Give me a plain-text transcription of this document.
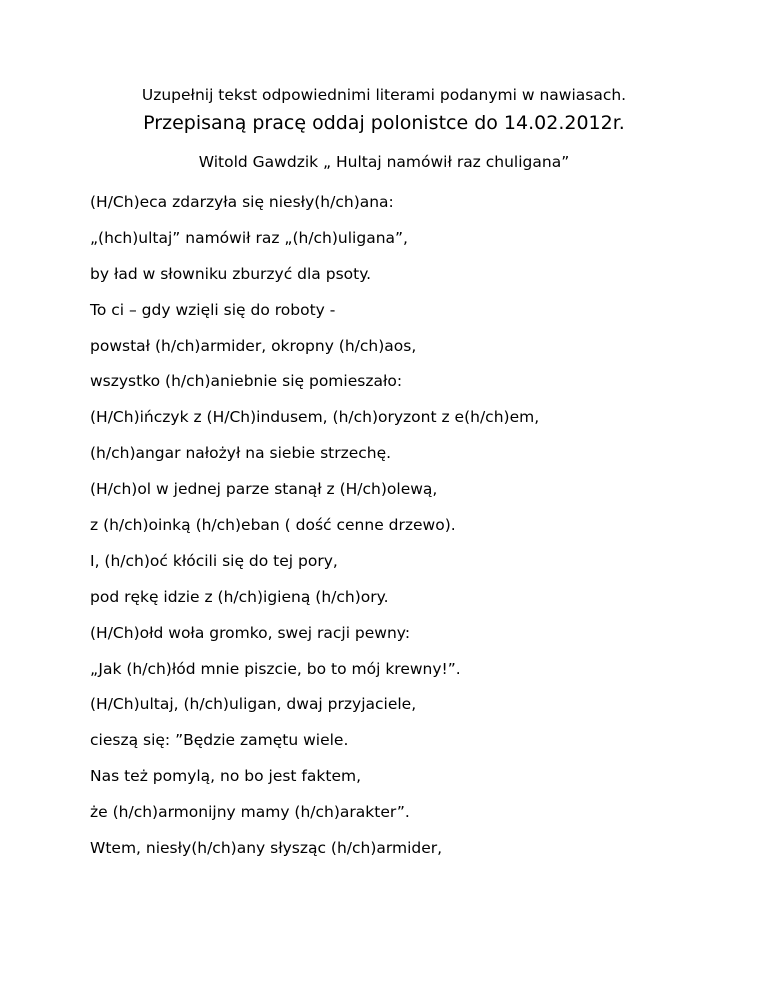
Uzupełnij tekst odpowiednimi literami podanymi w nawiasach.
Przepisaną pracę oddaj polonistce do 14.02.2012r.
Witold Gawdzik „ Hultaj namówił raz chuligana”
(H/Ch)eca zdarzyła się niesły(h/ch)ana:
„(hch)ultaj” namówił raz „(h/ch)uligana”,
by ład w słowniku zburzyć dla psoty.
To ci – gdy wzięli się do roboty -
powstał (h/ch)armider, okropny (h/ch)aos,
wszystko (h/ch)aniebnie się pomieszało:
(H/Ch)ińczyk z (H/Ch)indusem, (h/ch)oryzont z e(h/ch)em,
(h/ch)angar nałożył na siebie strzechę.
(H/ch)ol w jednej parze stanął z (H/ch)olewą,
z (h/ch)oinką (h/ch)eban ( dość cenne drzewo).
I, (h/ch)oć kłócili się do tej pory,
pod rękę idzie z (h/ch)igieną (h/ch)ory.
(H/Ch)ołd woła gromko, swej racji pewny:
„Jak (h/ch)łód mnie piszcie, bo to mój krewny!”.
(H/Ch)ultaj, (h/ch)uligan, dwaj przyjaciele,
cieszą się: ”Będzie zamętu wiele.
Nas też pomylą, no bo jest faktem,
że (h/ch)armonijny mamy (h/ch)arakter”.
Wtem, niesły(h/ch)any słysząc (h/ch)armider,
